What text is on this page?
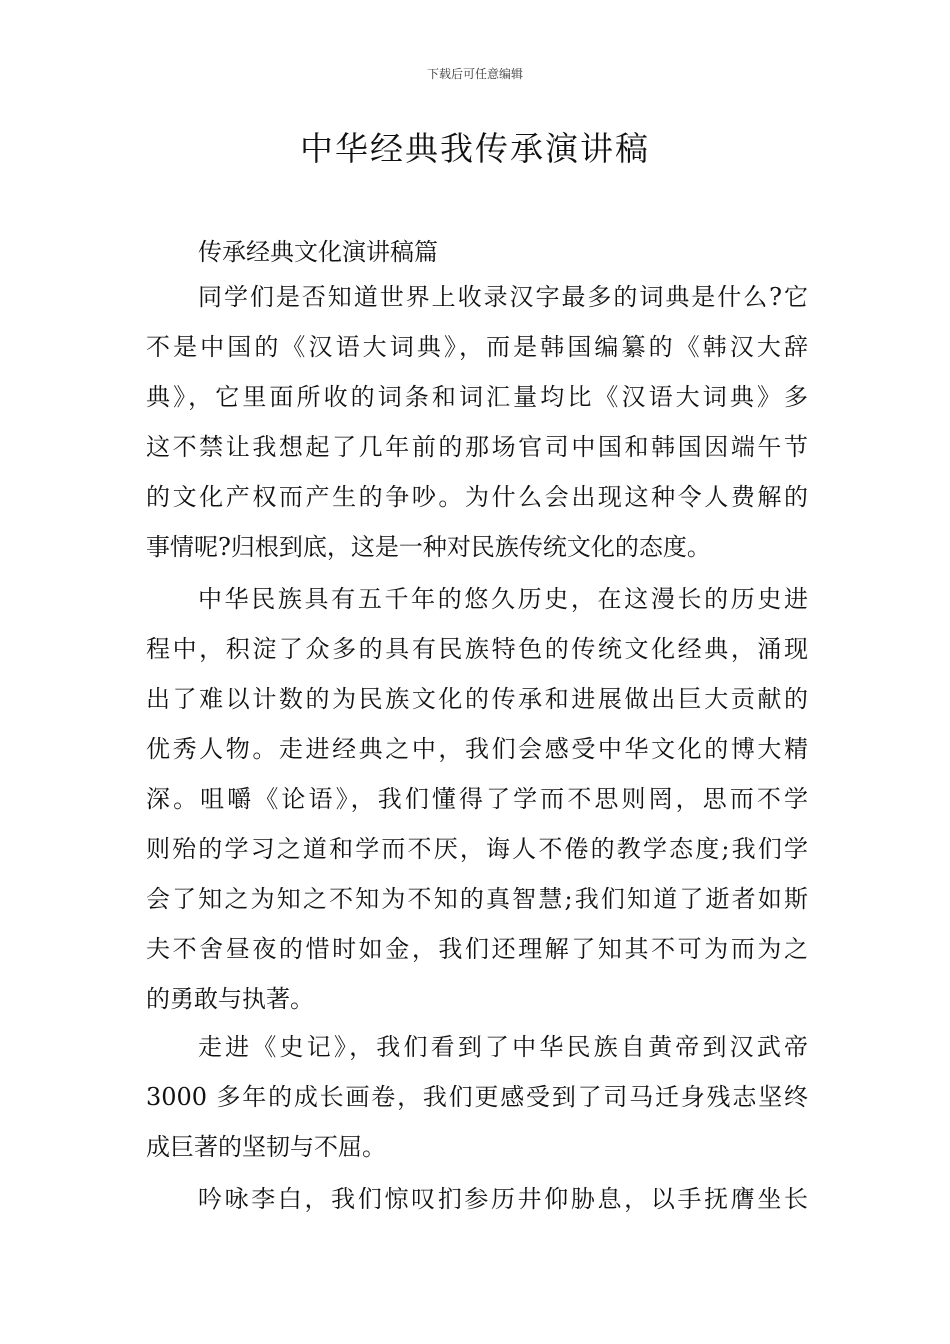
下载后可任意编辑
中华经典我传承演讲稿
传承经典文化演讲稿篇
同学们是否知道世界上收录汉字最多的词典是什么?它
不是中国的《汉语大词典》，而是韩国编纂的《韩汉大辞
典》，它里面所收的词条和词汇量均比《汉语大词典》多
这不禁让我想起了几年前的那场官司中国和韩国因端午节
的文化产权而产生的争吵。为什么会出现这种令人费解的
事情呢?归根到底，这是一种对民族传统文化的态度。
中华民族具有五千年的悠久历史，在这漫长的历史进
程中，积淀了众多的具有民族特色的传统文化经典，涌现
出了难以计数的为民族文化的传承和进展做出巨大贡献的
优秀人物。走进经典之中，我们会感受中华文化的博大精
深。咀嚼《论语》，我们懂得了学而不思则罔，思而不学
则殆的学习之道和学而不厌，诲人不倦的教学态度;我们学
会了知之为知之不知为不知的真智慧;我们知道了逝者如斯
夫不舍昼夜的惜时如金，我们还理解了知其不可为而为之
的勇敢与执著。
走进《史记》，我们看到了中华民族自黄帝到汉武帝
3000 多年的成长画卷，我们更感受到了司马迁身残志坚终
成巨著的坚韧与不屈。
吟咏李白，我们惊叹扪参历井仰胁息，以手抚膺坐长
